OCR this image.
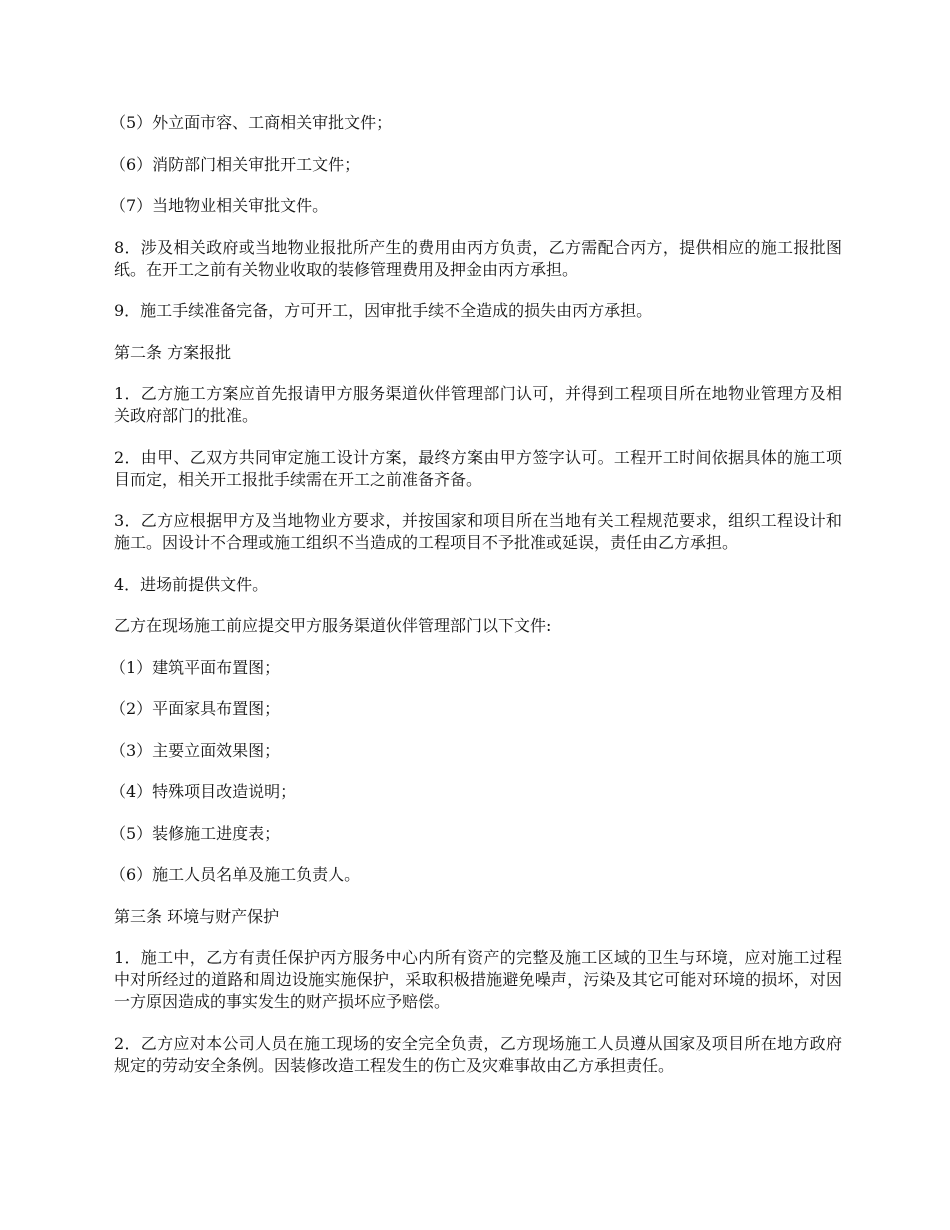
（5）外立面市容、工商相关审批文件；

（6）消防部门相关审批开工文件；

（7）当地物业相关审批文件。

8．涉及相关政府或当地物业报批所产生的费用由丙方负责，乙方需配合丙方，提供相应的施工报批图纸。在开工之前有关物业收取的装修管理费用及押金由丙方承担。

9．施工手续准备完备，方可开工，因审批手续不全造成的损失由丙方承担。

第二条 方案报批

1．乙方施工方案应首先报请甲方服务渠道伙伴管理部门认可，并得到工程项目所在地物业管理方及相关政府部门的批准。

2．由甲、乙双方共同审定施工设计方案，最终方案由甲方签字认可。工程开工时间依据具体的施工项目而定，相关开工报批手续需在开工之前准备齐备。

3．乙方应根据甲方及当地物业方要求，并按国家和项目所在当地有关工程规范要求，组织工程设计和施工。因设计不合理或施工组织不当造成的工程项目不予批准或延误，责任由乙方承担。

4．进场前提供文件。

乙方在现场施工前应提交甲方服务渠道伙伴管理部门以下文件:

（1）建筑平面布置图；

（2）平面家具布置图；

（3）主要立面效果图；

（4）特殊项目改造说明；

（5）装修施工进度表；

（6）施工人员名单及施工负责人。

第三条 环境与财产保护

1．施工中，乙方有责任保护丙方服务中心内所有资产的完整及施工区域的卫生与环境，应对施工过程中对所经过的道路和周边设施实施保护，采取积极措施避免噪声，污染及其它可能对环境的损坏，对因一方原因造成的事实发生的财产损坏应予赔偿。

2．乙方应对本公司人员在施工现场的安全完全负责，乙方现场施工人员遵从国家及项目所在地方政府规定的劳动安全条例。因装修改造工程发生的伤亡及灾难事故由乙方承担责任。
